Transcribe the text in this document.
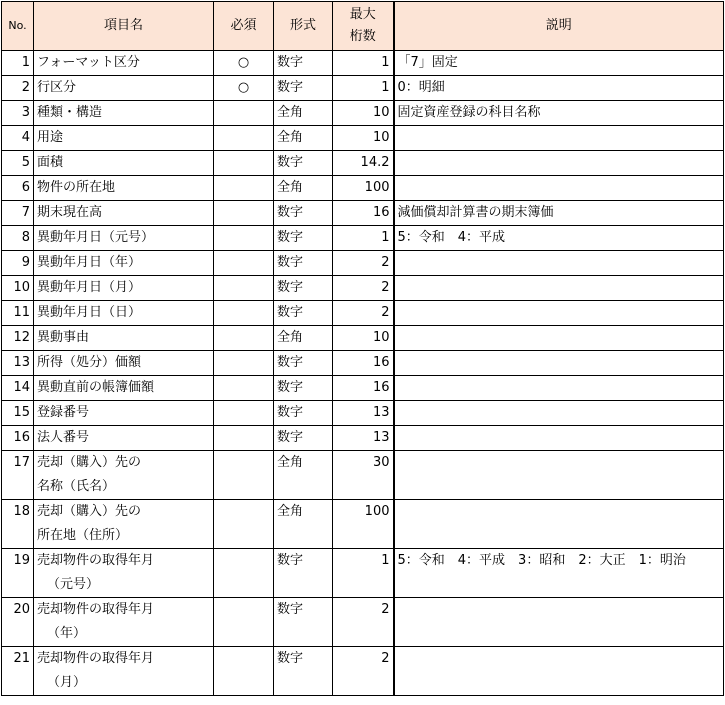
No.	項目名	必須	形式	最大
桁数	説明
1	フォーマット区分	○	数字	1	「7」固定
2	行区分	○	数字	1	0：明細
3	種類・構造		全角	10	固定資産登録の科目名称
4	用途		全角	10	
5	面積		数字	14.2	
6	物件の所在地		全角	100	
7	期末現在高		数字	16	減価償却計算書の期末簿価
8	異動年月日（元号）		数字	1	5：令和　4：平成
9	異動年月日（年）		数字	2	
10	異動年月日（月）		数字	2	
11	異動年月日（日）		数字	2	
12	異動事由		全角	10	
13	所得（処分）価額		数字	16	
14	異動直前の帳簿価額		数字	16	
15	登録番号		数字	13	
16	法人番号		数字	13	
17	売却（購入）先の
名称（氏名）		全角	30	
18	売却（購入）先の
所在地（住所）		全角	100	
19	売却物件の取得年月
（元号）		数字	1	5：令和　4：平成　3：昭和　2：大正　1：明治
20	売却物件の取得年月
（年）		数字	2	
21	売却物件の取得年月
（月）		数字	2	
